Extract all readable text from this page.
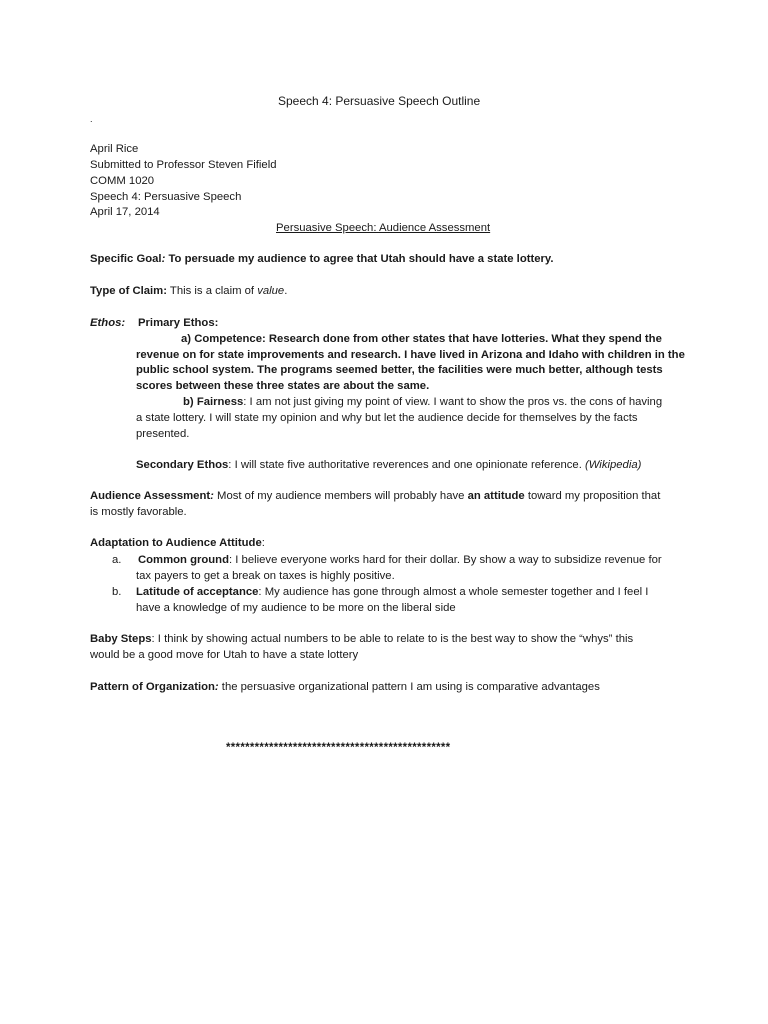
Speech 4: Persuasive Speech Outline
.
April Rice
Submitted to Professor Steven Fifield
COMM 1020
Speech 4: Persuasive Speech
April 17, 2014
Persuasive Speech: Audience Assessment
Specific Goal: To persuade my audience to agree that Utah should have a state lottery.
Type of Claim: This is a claim of value.
Ethos: Primary Ethos:
a) Competence: Research done from other states that have lotteries. What they spend the
revenue on for state improvements and research. I have lived in Arizona and Idaho with children in the
public school system. The programs seemed better, the facilities were much better, although tests
scores between these three states are about the same.
b) Fairness: I am not just giving my point of view. I want to show the pros vs. the cons of having
a state lottery. I will state my opinion and why but let the audience decide for themselves by the facts
presented.
Secondary Ethos: I will state five authoritative reverences and one opinionate reference. (Wikipedia)
Audience Assessment: Most of my audience members will probably have an attitude toward my proposition that
is mostly favorable.
Adaptation to Audience Attitude:
a. Common ground: I believe everyone works hard for their dollar. By show a way to subsidize revenue for
tax payers to get a break on taxes is highly positive.
b. Latitude of acceptance: My audience has gone through almost a whole semester together and I feel I
have a knowledge of my audience to be more on the liberal side
Baby Steps: I think by showing actual numbers to be able to relate to is the best way to show the “whys” this
would be a good move for Utah to have a state lottery
Pattern of Organization: the persuasive organizational pattern I am using is comparative advantages
***********************************************
